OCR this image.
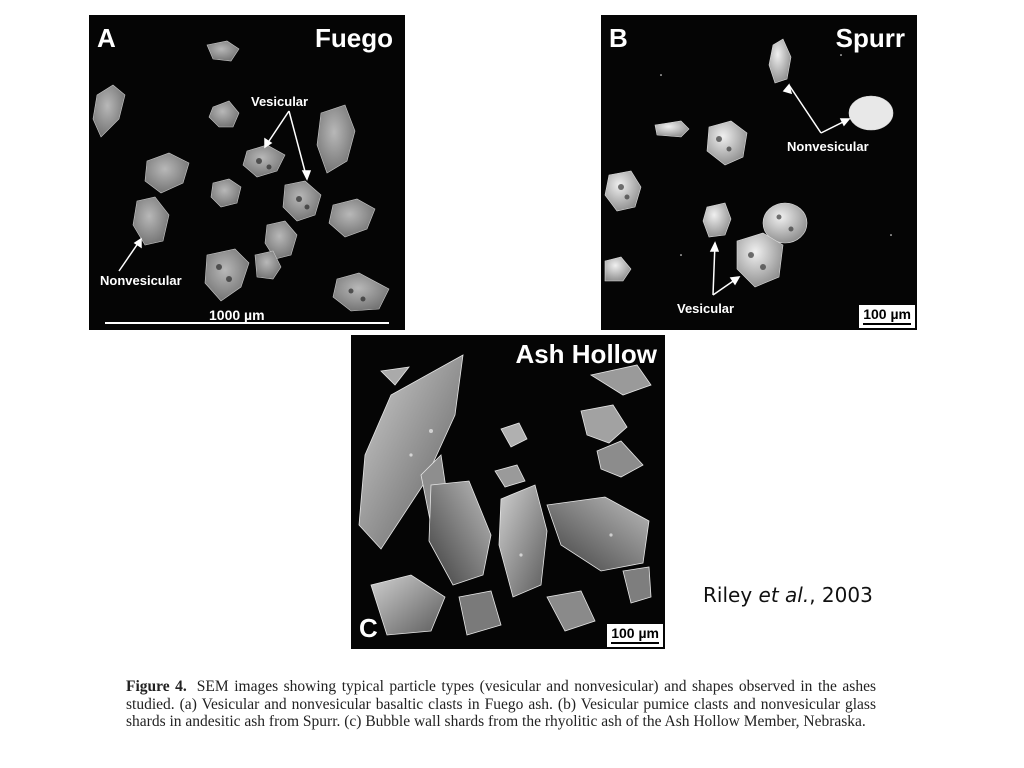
A	Fuego
Vesicular
Nonvesicular
1000 µm
B	Spurr
Nonvesicular
Vesicular	100 µm
C
Ash Hollow
100 µm
Riley et al., 2003
Figure 4. SEM images showing typical particle types (vesicular and nonvesicular) and shapes observed in the ashes studied. (a) Vesicular and nonvesicular basaltic clasts in Fuego ash. (b) Vesicular pumice clasts and nonvesicular glass shards in andesitic ash from Spurr. (c) Bubble wall shards from the rhyolitic ash of the Ash Hollow Member, Nebraska.
